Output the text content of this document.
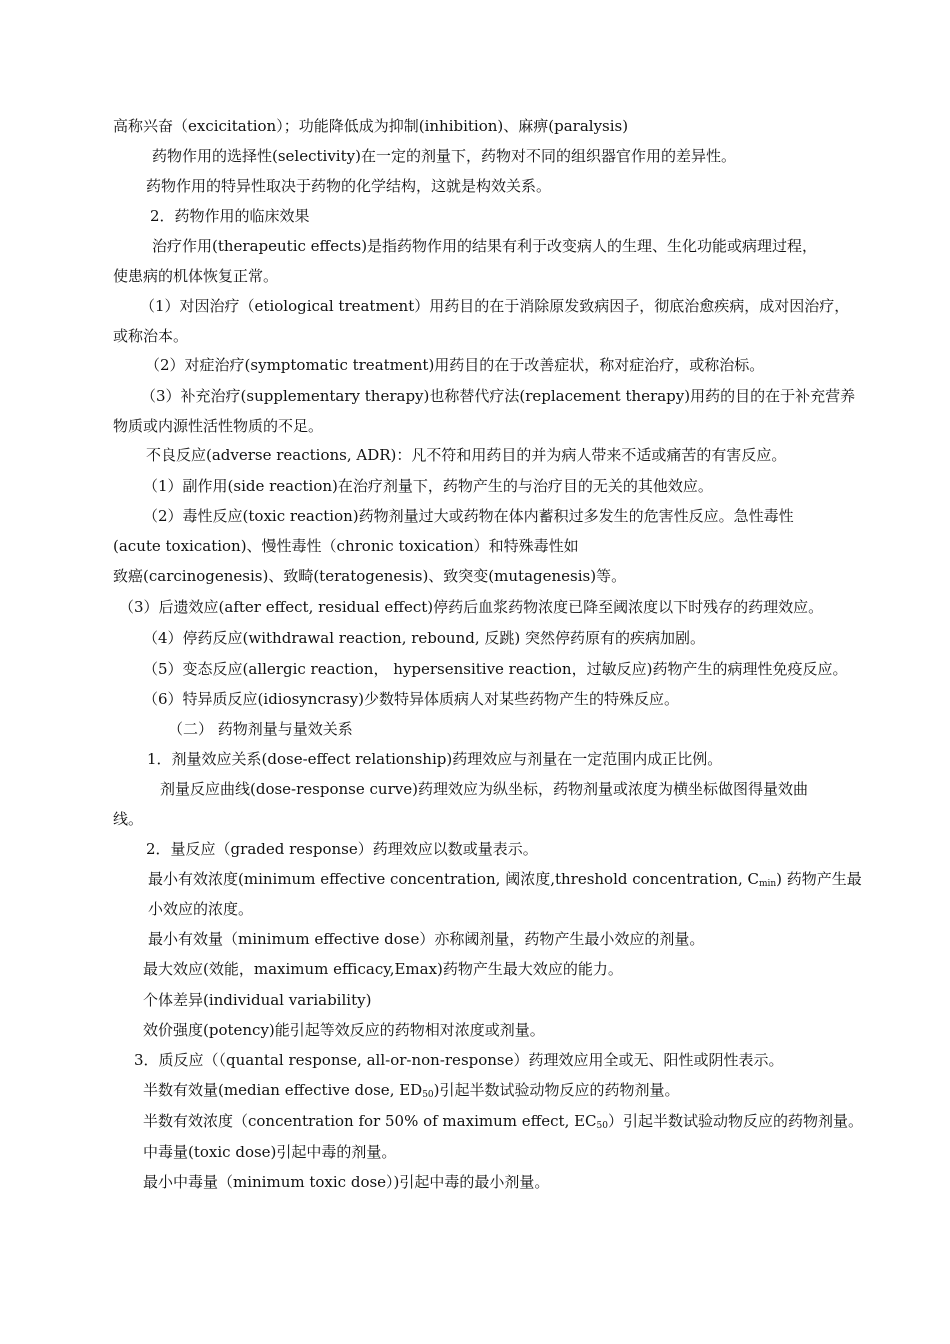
高称兴奋（excicitation）；功能降低成为抑制(inhibition)、麻痹(paralysis)
药物作用的选择性(selectivity)在一定的剂量下，药物对不同的组织器官作用的差异性。
药物作用的特异性取决于药物的化学结构，这就是构效关系。
2．药物作用的临床效果
治疗作用(therapeutic effects)是指药物作用的结果有利于改变病人的生理、生化功能或病理过程，
使患病的机体恢复正常。
（1）对因治疗（etiological treatment）用药目的在于消除原发致病因子，彻底治愈疾病，成对因治疗，
或称治本。
（2）对症治疗(symptomatic treatment)用药目的在于改善症状，称对症治疗，或称治标。
（3）补充治疗(supplementary therapy)也称替代疗法(replacement therapy)用药的目的在于补充营养
物质或内源性活性物质的不足。
不良反应(adverse reactions, ADR)：凡不符和用药目的并为病人带来不适或痛苦的有害反应。
（1）副作用(side reaction)在治疗剂量下，药物产生的与治疗目的无关的其他效应。
（2）毒性反应(toxic reaction)药物剂量过大或药物在体内蓄积过多发生的危害性反应。急性毒性
(acute toxication)、慢性毒性（chronic toxication）和特殊毒性如
致癌(carcinogenesis)、致畸(teratogenesis)、致突变(mutagenesis)等。
（3）后遗效应(after effect, residual effect)停药后血浆药物浓度已降至阈浓度以下时残存的药理效应。
（4）停药反应(withdrawal reaction, rebound, 反跳) 突然停药原有的疾病加剧。
（5）变态反应(allergic reaction， hypersensitive reaction，过敏反应)药物产生的病理性免疫反应。
（6）特异质反应(idiosyncrasy)少数特异体质病人对某些药物产生的特殊反应。
（二） 药物剂量与量效关系
1．剂量效应关系(dose-effect relationship)药理效应与剂量在一定范围内成正比例。
剂量反应曲线(dose-response curve)药理效应为纵坐标，药物剂量或浓度为横坐标做图得量效曲
线。
2．量反应（graded response）药理效应以数或量表示。
最小有效浓度(minimum effective concentration, 阈浓度,threshold concentration, $C_{min}$) 药物产生最
小效应的浓度。
最小有效量（minimum effective dose）亦称阈剂量，药物产生最小效应的剂量。
最大效应(效能，maximum efficacy,Emax)药物产生最大效应的能力。
个体差异(individual variability)
效价强度(potency)能引起等效反应的药物相对浓度或剂量。
3．质反应（（quantal response, all-or-non-response）药理效应用全或无、阳性或阴性表示。
半数有效量(median effective dose, $ED_{50}$)引起半数试验动物反应的药物剂量。
半数有效浓度（concentration for 50% of maximum effect, $EC_{50}$）引起半数试验动物反应的药物剂量。
中毒量(toxic dose)引起中毒的剂量。
最小中毒量（minimum toxic dose）)引起中毒的最小剂量。
